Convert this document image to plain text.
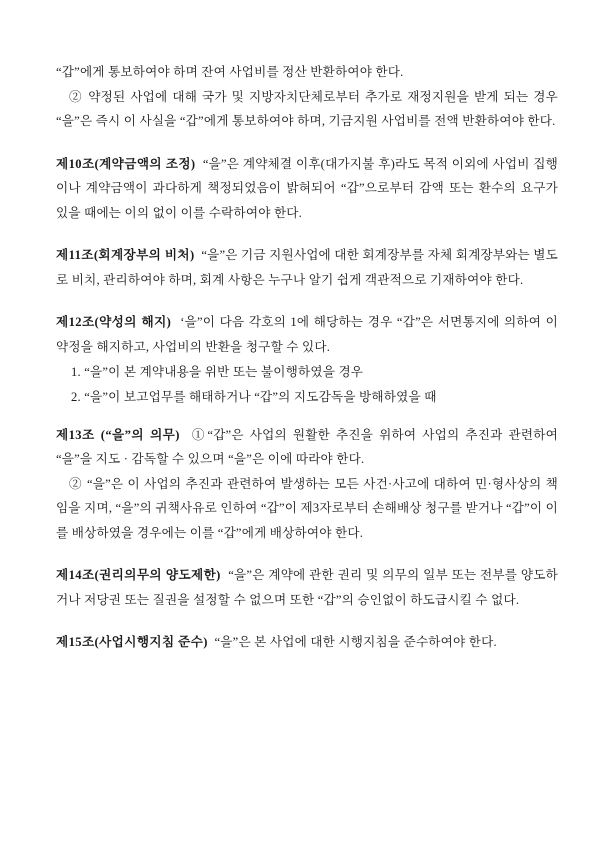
“갑”에게 통보하여야 하며 잔여 사업비를 정산 반환하여야 한다.

② 약정된 사업에 대해 국가 및 지방자치단체로부터 추가로 재정지원을 받게 되는 경우 “을”은 즉시 이 사실을 “갑”에게 통보하여야 하며, 기금지원 사업비를 전액 반환하여야 한다.

제10조(계약금액의 조정) “을”은 계약체결 이후(대가지불 후)라도 목적 이외에 사업비 집행이나 계약금액이 과다하게 책정되었음이 밝혀되어 “갑”으로부터 감액 또는 환수의 요구가 있을 때에는 이의 없이 이를 수락하여야 한다.

제11조(회계장부의 비처) “을”은 기금 지원사업에 대한 회계장부를 자체 회계장부와는 별도로 비치, 관리하여야 하며, 회계 사항은 누구나 알기 쉽게 객관적으로 기재하여야 한다.

제12조(약성의 해지) ‘을”이 다음 각호의 1에 해당하는 경우 “갑”은 서면통지에 의하여 이 약정을 해지하고, 사업비의 반환을 청구할 수 있다.

1. “을”이 본 계약내용을 위반 또는 불이행하였을 경우

2. “을”이 보고업무를 해태하거나 “갑”의 지도감독을 방해하였을 때

제13조 (“을”의 의무) ①“갑”은 사업의 원활한 추진을 위하여 사업의 추진과 관련하여 “을”을 지도 · 감독할 수 있으며 “을”은 이에 따라야 한다.

② “을”은 이 사업의 추진과 관련하여 발생하는 모든 사건·사고에 대하여 민·형사상의 책임을 지며, “을”의 귀책사유로 인하여 “갑”이 제3자로부터 손해배상 청구를 받거나 “갑”이 이를 배상하였을 경우에는 이를 “갑”에게 배상하여야 한다.

제14조(권리의무의 양도제한) “을”은 계약에 관한 권리 및 의무의 일부 또는 전부를 양도하거나 저당권 또는 질권을 설정할 수 없으며 또한 “갑”의 승인없이 하도급시킬 수 없다.

제15조(사업시행지침 준수) “을”은 본 사업에 대한 시행지침을 준수하여야 한다.
